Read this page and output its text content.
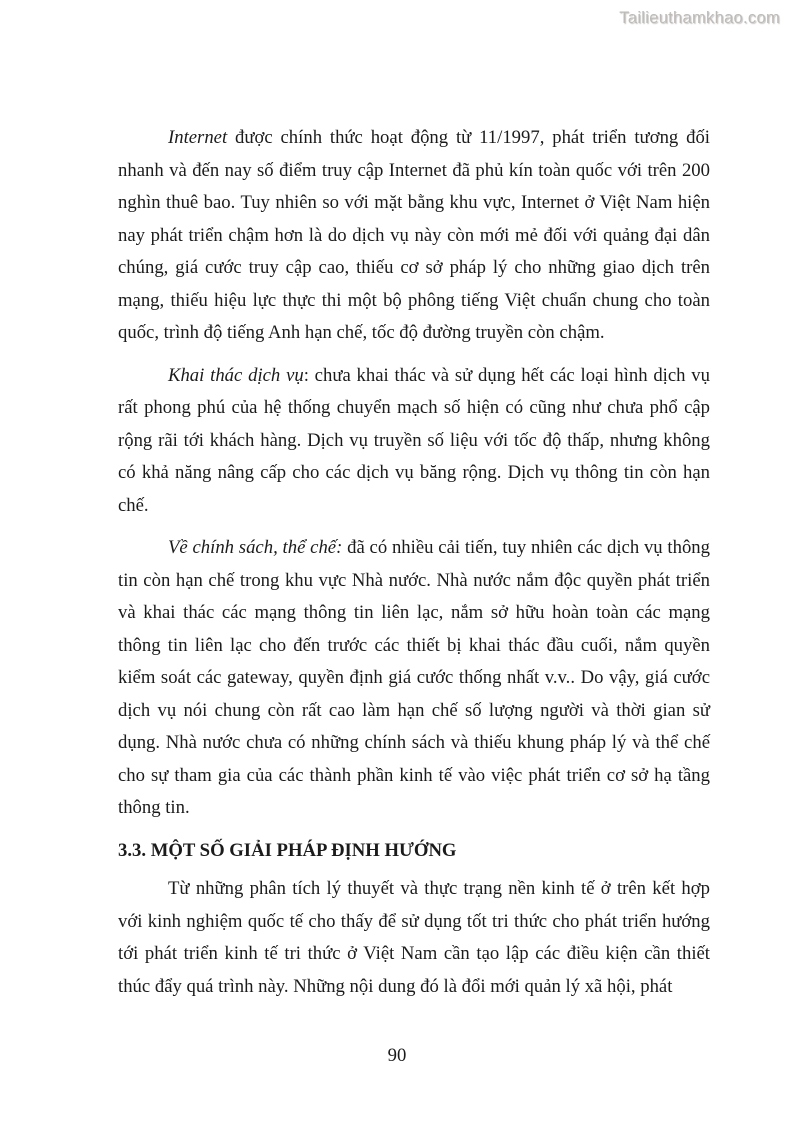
Tailieuthamkhao.com

Internet được chính thức hoạt động từ 11/1997, phát triển tương đối nhanh và đến nay số điểm truy cập Internet đã phủ kín toàn quốc với trên 200 nghìn thuê bao. Tuy nhiên so với mặt bằng khu vực, Internet ở Việt Nam hiện nay phát triển chậm hơn là do dịch vụ này còn mới mẻ đối với quảng đại dân chúng, giá cước truy cập cao, thiếu cơ sở pháp lý cho những giao dịch trên mạng, thiếu hiệu lực thực thi một bộ phông tiếng Việt chuẩn chung cho toàn quốc, trình độ tiếng Anh hạn chế, tốc độ đường truyền còn chậm.

Khai thác dịch vụ: chưa khai thác và sử dụng hết các loại hình dịch vụ rất phong phú của hệ thống chuyển mạch số hiện có cũng như chưa phổ cập rộng rãi tới khách hàng. Dịch vụ truyền số liệu với tốc độ thấp, nhưng không có khả năng nâng cấp cho các dịch vụ băng rộng. Dịch vụ thông tin còn hạn chế.

Về chính sách, thể chế: đã có nhiều cải tiến, tuy nhiên các dịch vụ thông tin còn hạn chế trong khu vực Nhà nước. Nhà nước nắm độc quyền phát triển và khai thác các mạng thông tin liên lạc, nắm sở hữu hoàn toàn các mạng thông tin liên lạc cho đến trước các thiết bị khai thác đầu cuối, nắm quyền kiểm soát các gateway, quyền định giá cước thống nhất v.v.. Do vậy, giá cước dịch vụ nói chung còn rất cao làm hạn chế số lượng người và thời gian sử dụng. Nhà nước chưa có những chính sách và thiếu khung pháp lý và thể chế cho sự tham gia của các thành phần kinh tế vào việc phát triển cơ sở hạ tầng thông tin.

3.3. MỘT SỐ GIẢI PHÁP ĐỊNH HƯỚNG

Từ những phân tích lý thuyết và thực trạng nền kinh tế ở trên kết hợp với kinh nghiệm quốc tế cho thấy để sử dụng tốt tri thức cho phát triển hướng tới phát triển kinh tế tri thức ở Việt Nam cần tạo lập các điều kiện cần thiết thúc đẩy quá trình này. Những nội dung đó là đổi mới quản lý xã hội, phát

90
